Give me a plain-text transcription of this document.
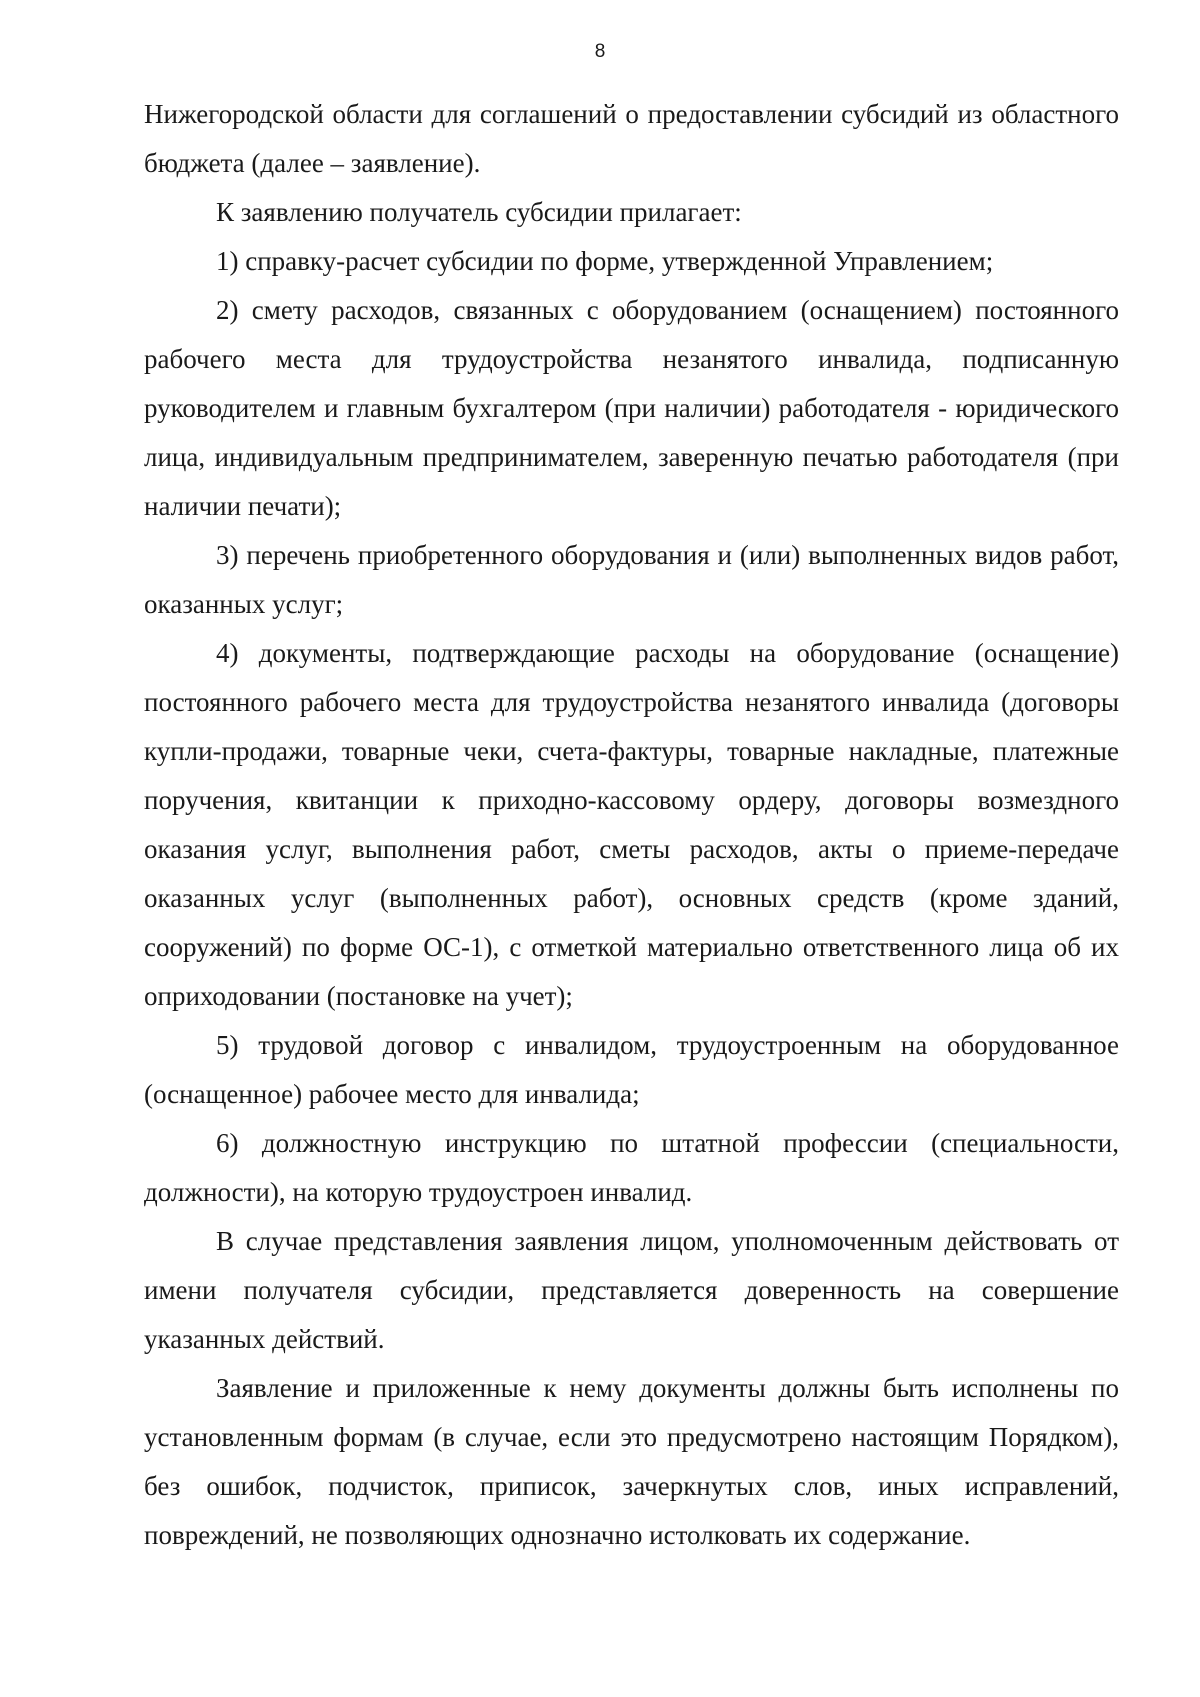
8

Нижегородской области для соглашений о предоставлении субсидий из областного бюджета (далее – заявление).

К заявлению получатель субсидии прилагает:

1) справку-расчет субсидии по форме, утвержденной Управлением;

2) смету расходов, связанных с оборудованием (оснащением) постоянного рабочего места для трудоустройства незанятого инвалида, подписанную руководителем и главным бухгалтером (при наличии) работодателя - юридического лица, индивидуальным предпринимателем, заверенную печатью работодателя (при наличии печати);

3) перечень приобретенного оборудования и (или) выполненных видов работ, оказанных услуг;

4) документы, подтверждающие расходы на оборудование (оснащение) постоянного рабочего места для трудоустройства незанятого инвалида (договоры купли-продажи, товарные чеки, счета-фактуры, товарные накладные, платежные поручения, квитанции к приходно-кассовому ордеру, договоры возмездного оказания услуг, выполнения работ, сметы расходов, акты о приеме-передаче оказанных услуг (выполненных работ), основных средств (кроме зданий, сооружений) по форме ОС-1), с отметкой материально ответственного лица об их оприходовании (постановке на учет);

5) трудовой договор с инвалидом, трудоустроенным на оборудованное (оснащенное) рабочее место для инвалида;

6) должностную инструкцию по штатной профессии (специальности, должности), на которую трудоустроен инвалид.

В случае представления заявления лицом, уполномоченным действовать от имени получателя субсидии, представляется доверенность на совершение указанных действий.

Заявление и приложенные к нему документы должны быть исполнены по установленным формам (в случае, если это предусмотрено настоящим Порядком), без ошибок, подчисток, приписок, зачеркнутых слов, иных исправлений, повреждений, не позволяющих однозначно истолковать их содержание.
